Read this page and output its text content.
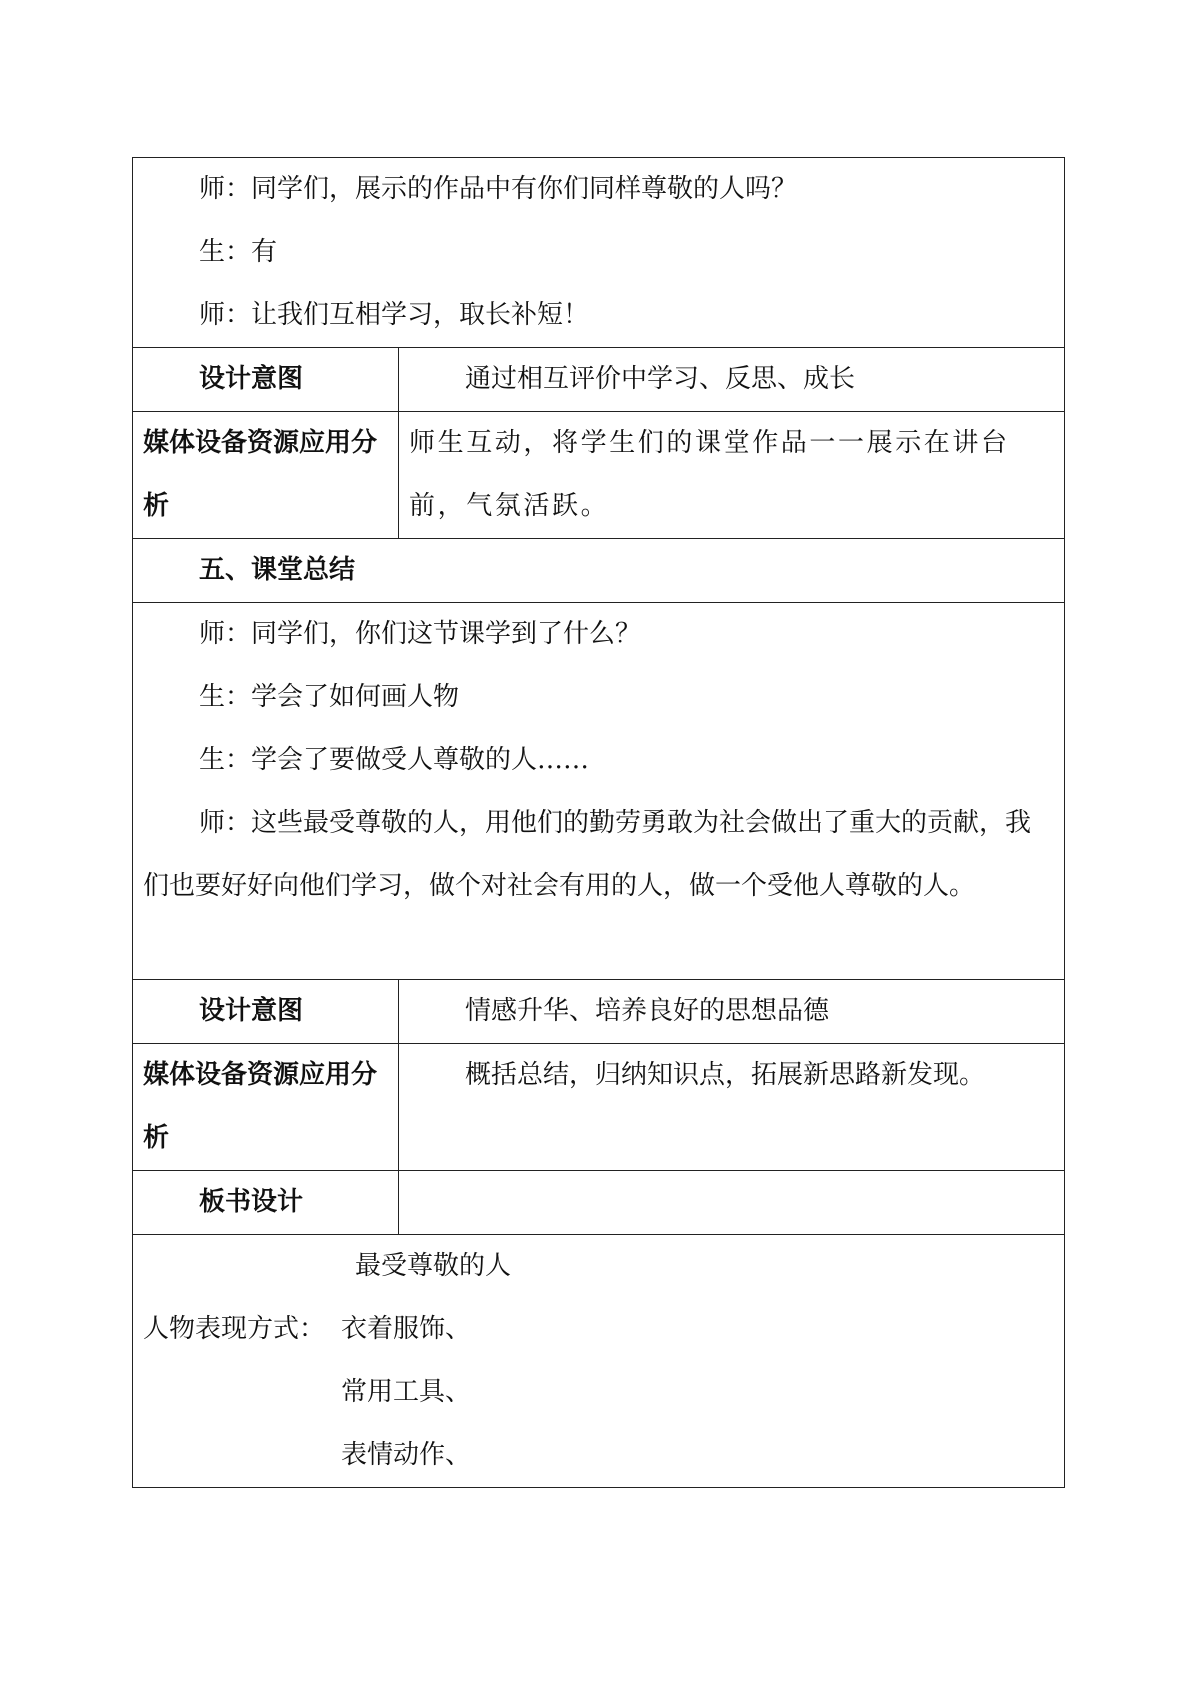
师：同学们，展示的作品中有你们同样尊敬的人吗？
生：有
师：让我们互相学习，取长补短！	

设计意图	通过相互评价中学习、反思、成长

媒体设备资源应用分析	师生互动，将学生们的课堂作品一一展示在讲台前，气氛活跃。

五、课堂总结	

师：同学们，你们这节课学到了什么？
生：学会了如何画人物
生：学会了要做受人尊敬的人……
师：这些最受尊敬的人，用他们的勤劳勇敢为社会做出了重大的贡献，我们也要好好向他们学习，做个对社会有用的人，做一个受他人尊敬的人。	

设计意图	情感升华、培养良好的思想品德

媒体设备资源应用分析	概括总结，归纳知识点，拓展新思路新发现。

板书设计	

最受尊敬的人
人物表现方式： 衣着服饰、
常用工具、
表情动作、	
